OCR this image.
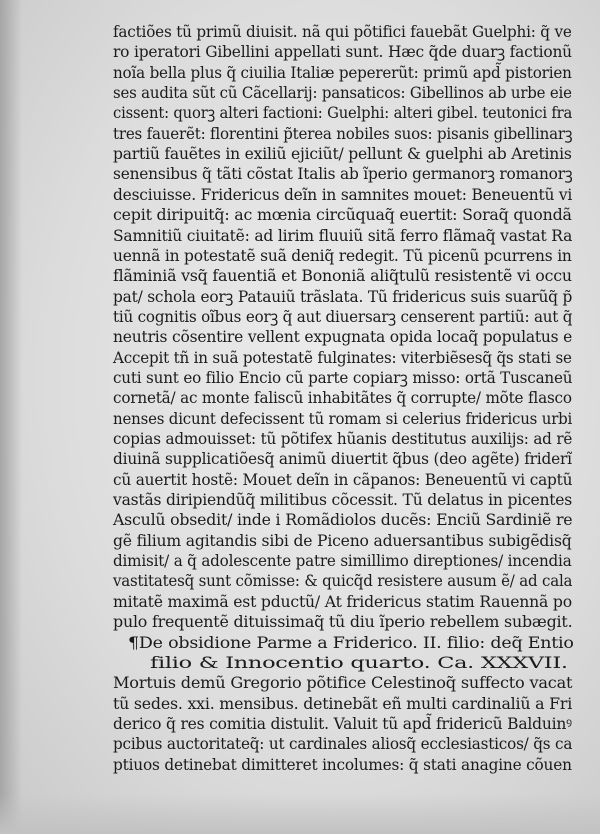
factiões tũ primũ diuisit. nã qui põtifici fauebãt Guelphi: q̃ ve
ro iperatori Gibellini appellati sunt. Hæc q̃de duarꝫ factionũ
noĩa bella plus q̃ ciuilia Italiæ pepererũt: primũ apd̃ pistorien
ses audita sũt cũ Cãcellarij: pansaticos: Gibellinos ab urbe eie
cissent: quorꝫ alteri factioni: Guelphi: alteri gibel. teutonici fra
tres fauerẽt: florentini p̃terea nobiles suos: pisanis gibellinarꝫ
partiũ fauẽtes in exiliũ ejiciũt/ pellunt & guelphi ab Aretinis
senensibus q̃ tãti cõstat Italis ab ĩperio germanorꝫ romanorꝫ
desciuisse. Fridericus deĩn in samnites mouet: Beneuentũ vi
cepit diripuitq̃: ac mœnia circũquaq̃ euertit: Soraq̃ quondã
Samnitiũ ciuitatẽ: ad lirim fluuiũ sitã ferro flãmaq̃ vastat Ra
uennã in potestatẽ suã deniq̃ redegit. Tũ picenũ pcurrens in
flãminiã vsq̃ fauentiã et Bononiã aliq̃tulũ resistentẽ vi occu
pat/ schola eorꝫ Patauiũ trãslata. Tũ fridericus suis suarũq̃ p̃
tiũ cognitis oĩbus eorꝫ q̃ aut diuersarꝫ censerent partiũ: aut q̃
neutris cõsentire vellent expugnata opida locaq̃ populatus e
Accepit tñ in suã potestatẽ fulginates: viterbiẽsesq̃ q̃s stati se
cuti sunt eo filio Encio cũ parte copiarꝫ misso: ortã Tuscaneũ
cornetã/ ac monte faliscũ inhabitãtes q̃ corrupte/ mõte flasco
nenses dicunt defecissent tũ romam si celerius fridericus urbi
copias admouisset: tũ põtifex hũanis destitutus auxilijs: ad rẽ
diuinã supplicatiõesq̃ animũ diuertit q̃bus (deo agẽte) friderĩ
cũ auertit hostẽ: Mouet deĩn in cãpanos: Beneuentũ vi captũ
vastãs diripiendũq̃ militibus cõcessit. Tũ delatus in picentes
Asculũ obsedit/ inde i Romãdiolos ducẽs: Enciũ Sardiniẽ re
gẽ filium agitandis sibi de Piceno aduersantibus subigẽdisq̃
dimisit/ a q̃ adolescente patre simillimo direptiones/ incendia
vastitatesq̃ sunt cõmisse: & quicq̃d resistere ausum ẽ/ ad cala
mitatẽ maximã est pductũ/ At fridericus statim Rauennã po
pulo frequentẽ dituissimaq̃ tũ diu ĩperio rebellem subægit.
¶De obsidione Parme a Friderico. II. filio: deq̃ Entio
filio & Innocentio quarto. Ca. XXXVII.
Mortuis demũ Gregorio põtifice Celestinoq̃ suffecto vacat
tũ sedes. xxi. mensibus. detinebãt eñ multi cardinaliũ a Fri
derico q̃ res comitia distulit. Valuit tũ apd̃ fridericũ Balduinꝰ
pcibus auctoritateq̃: ut cardinales aliosq̃ ecclesiasticos/ q̃s ca
ptiuos detinebat dimitteret incolumes: q̃ stati anagine cõuen
